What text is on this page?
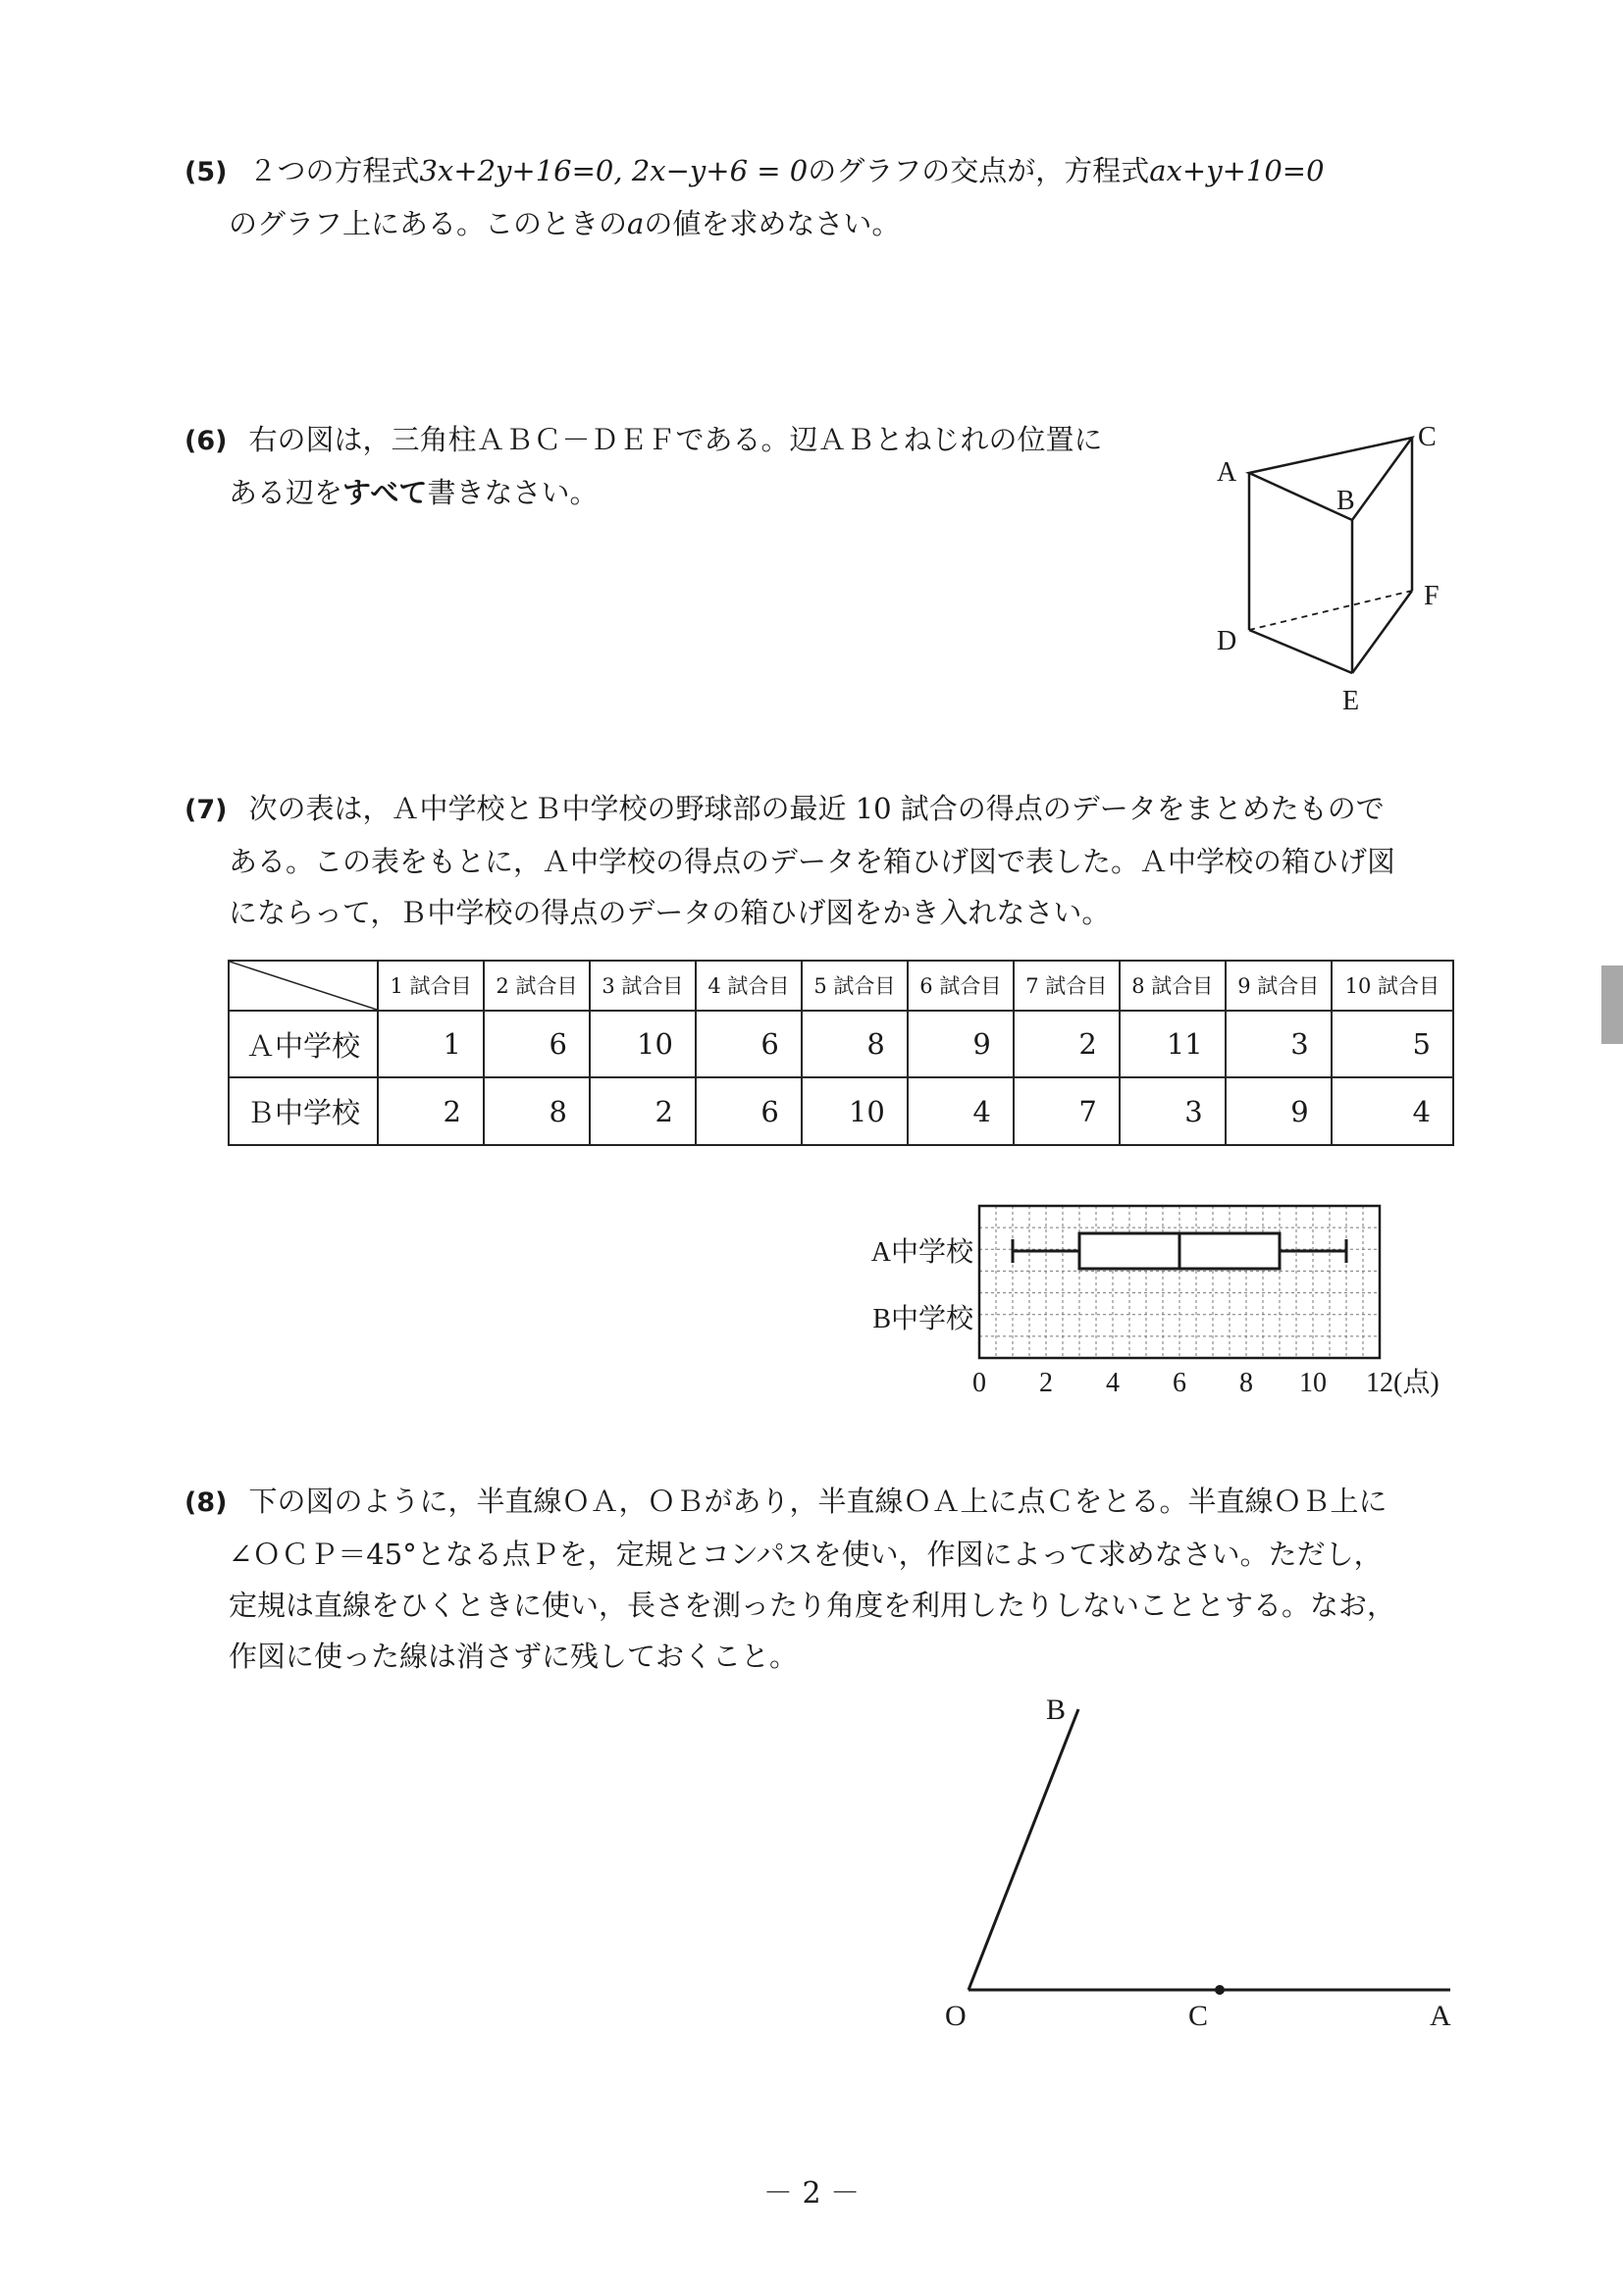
(5) ２つの方程式3x+2y+16=0, 2x−y+6 = 0のグラフの交点が，方程式ax+y+10=0
のグラフ上にある。このときのaの値を求めなさい。
(6) 右の図は，三角柱ＡＢＣ－ＤＥＦである。辺ＡＢとねじれの位置に
ある辺をすべて書きなさい。
A
B
C
D
E
F
(7) 次の表は，Ａ中学校とＢ中学校の野球部の最近 10 試合の得点のデータをまとめたもので
ある。この表をもとに，Ａ中学校の得点のデータを箱ひげ図で表した。Ａ中学校の箱ひげ図
にならって，Ｂ中学校の得点のデータの箱ひげ図をかき入れなさい。
	1 試合目	2 試合目	3 試合目	4 試合目	5 試合目	6 試合目	7 試合目	8 試合目	9 試合目	10 試合目
Ａ中学校	1	6	10	6	8	9	2	11	3	5
Ｂ中学校	2	8	2	6	10	4	7	3	9	4
0 2 4 6 8 10 12(点)
A中学校
B中学校
(8) 下の図のように，半直線ＯＡ，ＯＢがあり，半直線ＯＡ上に点Ｃをとる。半直線ＯＢ上に
∠ＯＣＰ＝45°となる点Ｐを，定規とコンパスを使い，作図によって求めなさい。ただし，
定規は直線をひくときに使い，長さを測ったり角度を利用したりしないこととする。なお，
作図に使った線は消さずに残しておくこと。
O	C	A
B
－ 2 －
